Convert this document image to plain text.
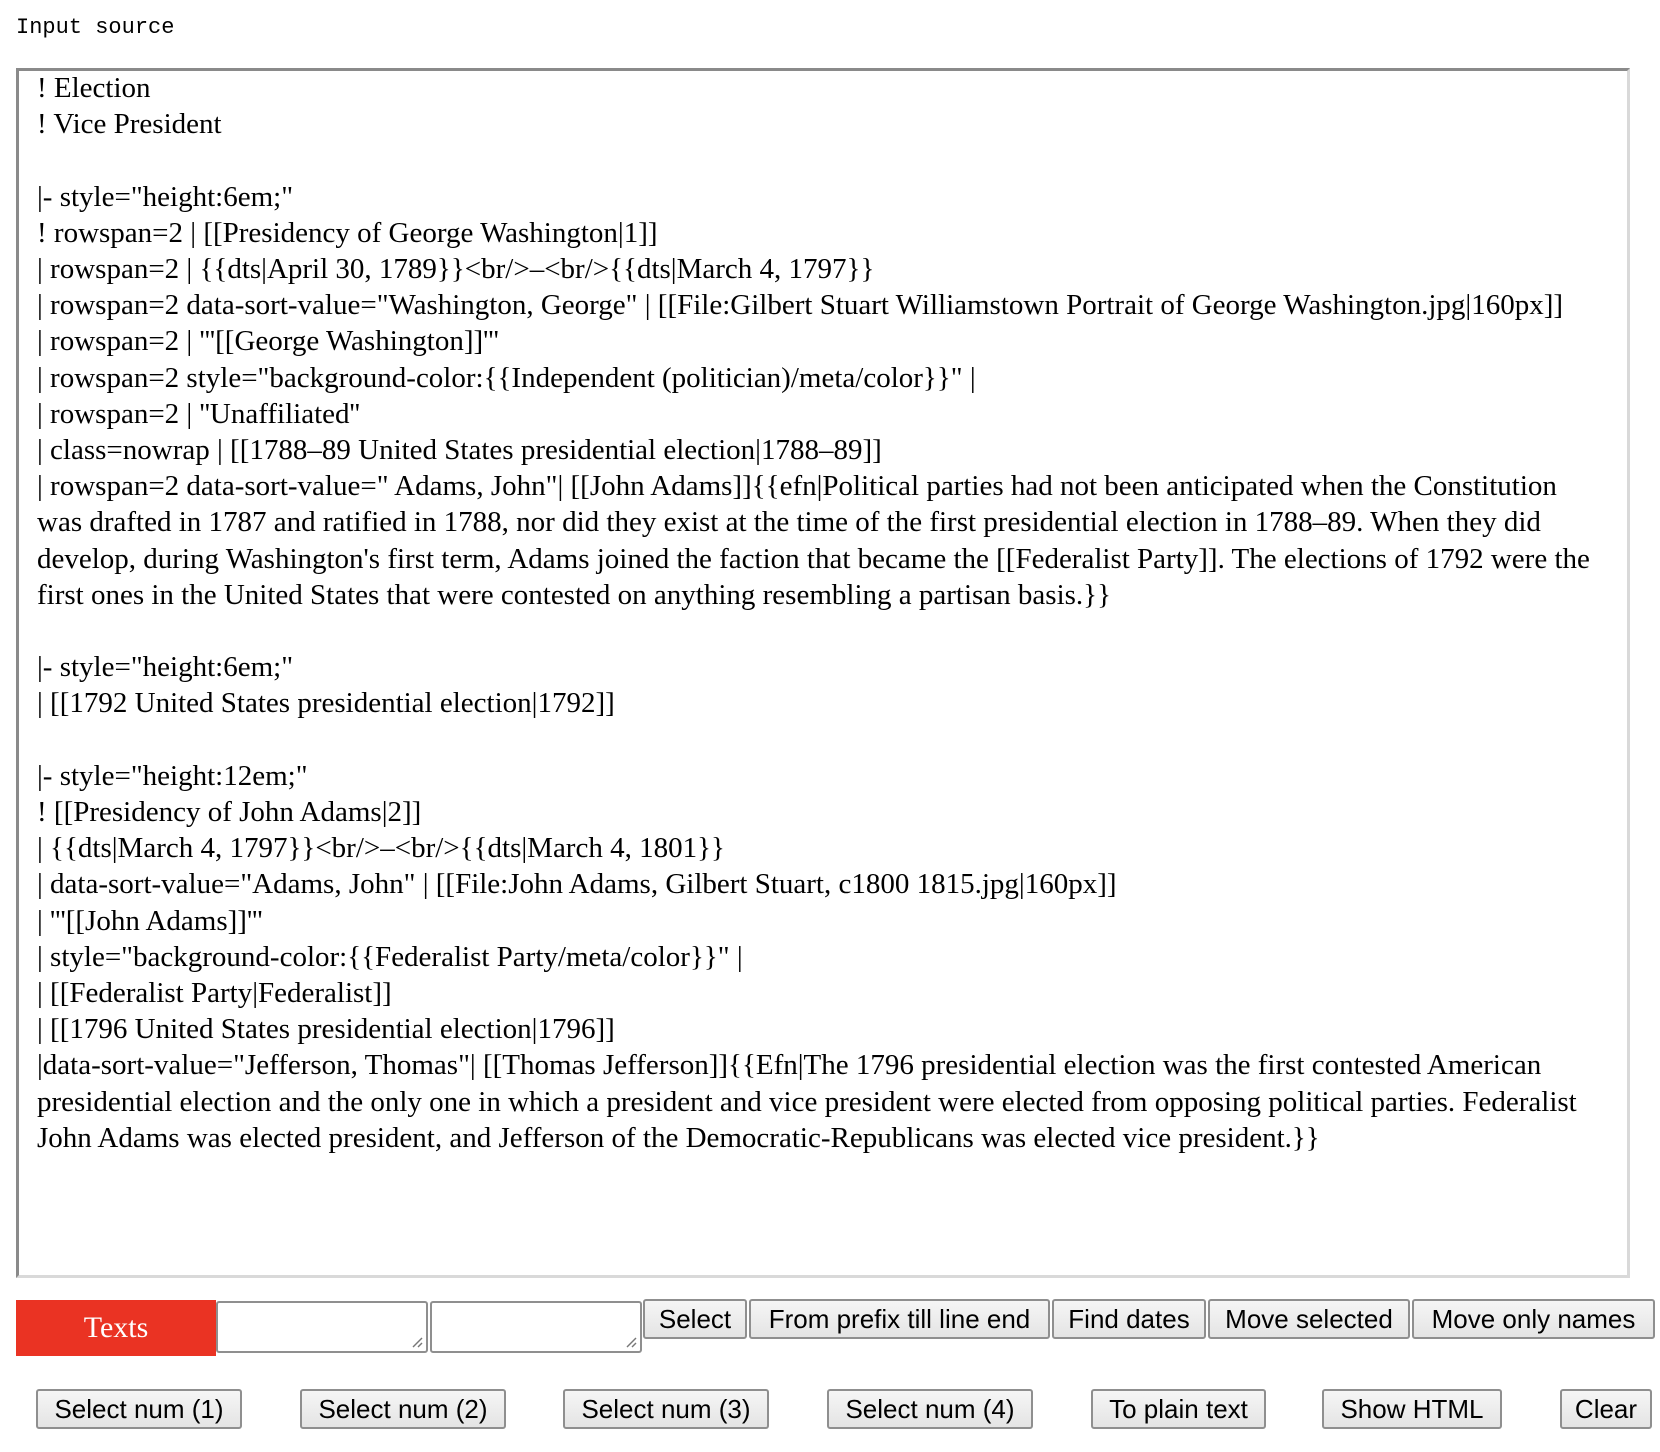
Input source
! Election
! Vice President

|- style="height:6em;"
! rowspan=2 | [[Presidency of George Washington|1]]
| rowspan=2 | {{dts|April 30, 1789}}<br/>–<br/>{{dts|March 4, 1797}}
| rowspan=2 data-sort-value="Washington, George" | [[File:Gilbert Stuart Williamstown Portrait of George Washington.jpg|160px]]
| rowspan=2 | '''[[George Washington]]'''
| rowspan=2 style="background-color:{{Independent (politician)/meta/color}}" |
| rowspan=2 | ''Unaffiliated''
| class=nowrap | [[1788–89 United States presidential election|1788–89]]
| rowspan=2 data-sort-value=" Adams, John"| [[John Adams]]{{efn|Political parties had not been anticipated when the Constitution was drafted in 1787 and ratified in 1788, nor did they exist at the time of the first presidential election in 1788–89. When they did develop, during Washington's first term, Adams joined the faction that became the [[Federalist Party]]. The elections of 1792 were the first ones in the United States that were contested on anything resembling a partisan basis.}}

|- style="height:6em;"
| [[1792 United States presidential election|1792]]

|- style="height:12em;"
! [[Presidency of John Adams|2]]
| {{dts|March 4, 1797}}<br/>–<br/>{{dts|March 4, 1801}}
| data-sort-value="Adams, John" | [[File:John Adams, Gilbert Stuart, c1800 1815.jpg|160px]]
| '''[[John Adams]]'''
| style="background-color:{{Federalist Party/meta/color}}" |
| [[Federalist Party|Federalist]]
| [[1796 United States presidential election|1796]]
|data-sort-value="Jefferson, Thomas"| [[Thomas Jefferson]]{{Efn|The 1796 presidential election was the first contested American presidential election and the only one in which a president and vice president were elected from opposing political parties. Federalist John Adams was elected president, and Jefferson of the Democratic-Republicans was elected vice president.}}
Texts	Select	From prefix till line end	Find dates	Move selected	Move only names
Select num (1)	Select num (2)	Select num (3)	Select num (4)	To plain text	Show HTML	Clear
